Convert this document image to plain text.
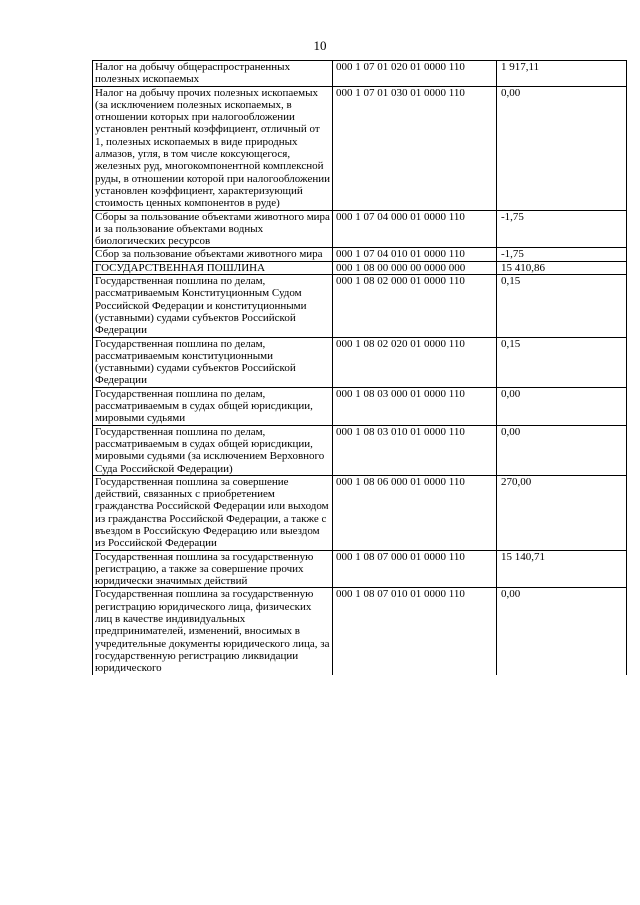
10
Налог на добычу общераспространенных полезных ископаемых	000 1 07 01 020 01 0000 110	1 917,11
Налог на добычу прочих полезных ископаемых (за исключением полезных ископаемых, в отношении которых при налогообложении установлен рентный коэффициент, отличный от 1, полезных ископаемых в виде природных алмазов, угля, в том числе коксующегося, железных руд, многокомпонентной комплексной руды, в отношении которой при налогообложении установлен коэффициент, характеризующий стоимость ценных компонентов в руде)	000 1 07 01 030 01 0000 110	0,00
Сборы за пользование объектами животного мира и за пользование объектами водных биологических ресурсов	000 1 07 04 000 01 0000 110	-1,75
Сбор за пользование объектами животного мира	000 1 07 04 010 01 0000 110	-1,75
ГОСУДАРСТВЕННАЯ ПОШЛИНА	000 1 08 00 000 00 0000 000	15 410,86
Государственная пошлина по делам, рассматриваемым Конституционным Судом Российской Федерации и конституционными (уставными) судами субъектов Российской Федерации	000 1 08 02 000 01 0000 110	0,15
Государственная пошлина по делам, рассматриваемым конституционными (уставными) судами субъектов Российской Федерации	000 1 08 02 020 01 0000 110	0,15
Государственная пошлина по делам, рассматриваемым в судах общей юрисдикции, мировыми судьями	000 1 08 03 000 01 0000 110	0,00
Государственная пошлина по делам, рассматриваемым в судах общей юрисдикции, мировыми судьями (за исключением Верховного Суда Российской Федерации)	000 1 08 03 010 01 0000 110	0,00
Государственная пошлина за совершение действий, связанных с приобретением гражданства Российской Федерации или выходом из гражданства Российской Федерации, а также с въездом в Российскую Федерацию или выездом из Российской Федерации	000 1 08 06 000 01 0000 110	270,00
Государственная пошлина за государственную регистрацию, а также за совершение прочих юридически значимых действий	000 1 08 07 000 01 0000 110	15 140,71
Государственная пошлина за государственную регистрацию юридического лица, физических лиц в качестве индивидуальных предпринимателей, изменений, вносимых в учредительные документы юридического лица, за государственную регистрацию ликвидации юридического	000 1 08 07 010 01 0000 110	0,00
